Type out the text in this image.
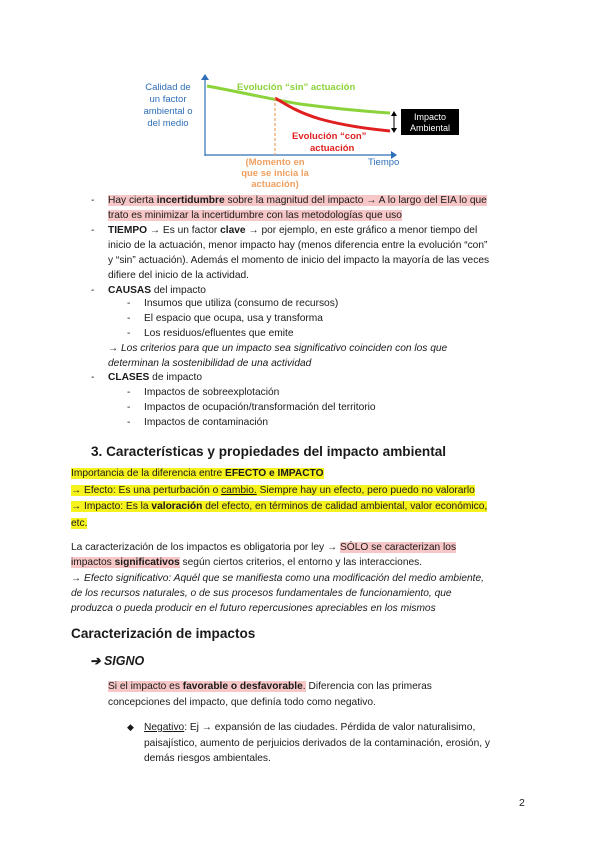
Impacto
Ambiental
Evolución “sin” actuación
Evolución “con”
actuación
Calidad de
un factor
ambiental o
del medio
Tiempo
(Momento en
que se inicia la
actuación)
- Hay cierta incertidumbre sobre la magnitud del impacto → A lo largo del EIA lo que
trato es minimizar la incertidumbre con las metodologías que uso
- TIEMPO → Es un factor clave → por ejemplo, en este gráfico a menor tiempo del
inicio de la actuación, menor impacto hay (menos diferencia entre la evolución “con”
y “sin” actuación). Además el momento de inicio del impacto la mayoría de las veces
difiere del inicio de la actividad.
- CAUSAS del impacto
- Insumos que utiliza (consumo de recursos)
- El espacio que ocupa, usa y transforma
- Los residuos/efluentes que emite
→ Los criterios para que un impacto sea significativo coinciden con los que
determinan la sostenibilidad de una actividad
- CLASES de impacto
- Impactos de sobreexplotación
- Impactos de ocupación/transformación del territorio
- Impactos de contaminación
3. Características y propiedades del impacto ambiental
Importancia de la diferencia entre EFECTO e IMPACTO
→ Efecto: Es una perturbación o cambio. Siempre hay un efecto, pero puedo no valorarlo
→ Impacto: Es la valoración del efecto, en términos de calidad ambiental, valor económico,
etc.
La caracterización de los impactos es obligatoria por ley → SÓLO se caracterizan los
impactos significativos según ciertos criterios, el entorno y las interacciones.
→ Efecto significativo: Aquél que se manifiesta como una modificación del medio ambiente,
de los recursos naturales, o de sus procesos fundamentales de funcionamiento, que
produzca o pueda producir en el futuro repercusiones apreciables en los mismos
Caracterización de impactos
➔ SIGNO
Si el impacto es favorable o desfavorable. Diferencia con las primeras
concepciones del impacto, que definía todo como negativo.
◆ Negativo: Ej → expansión de las ciudades. Pérdida de valor naturalisimo,
paisajístico, aumento de perjuicios derivados de la contaminación, erosión, y
demás riesgos ambientales.
2
